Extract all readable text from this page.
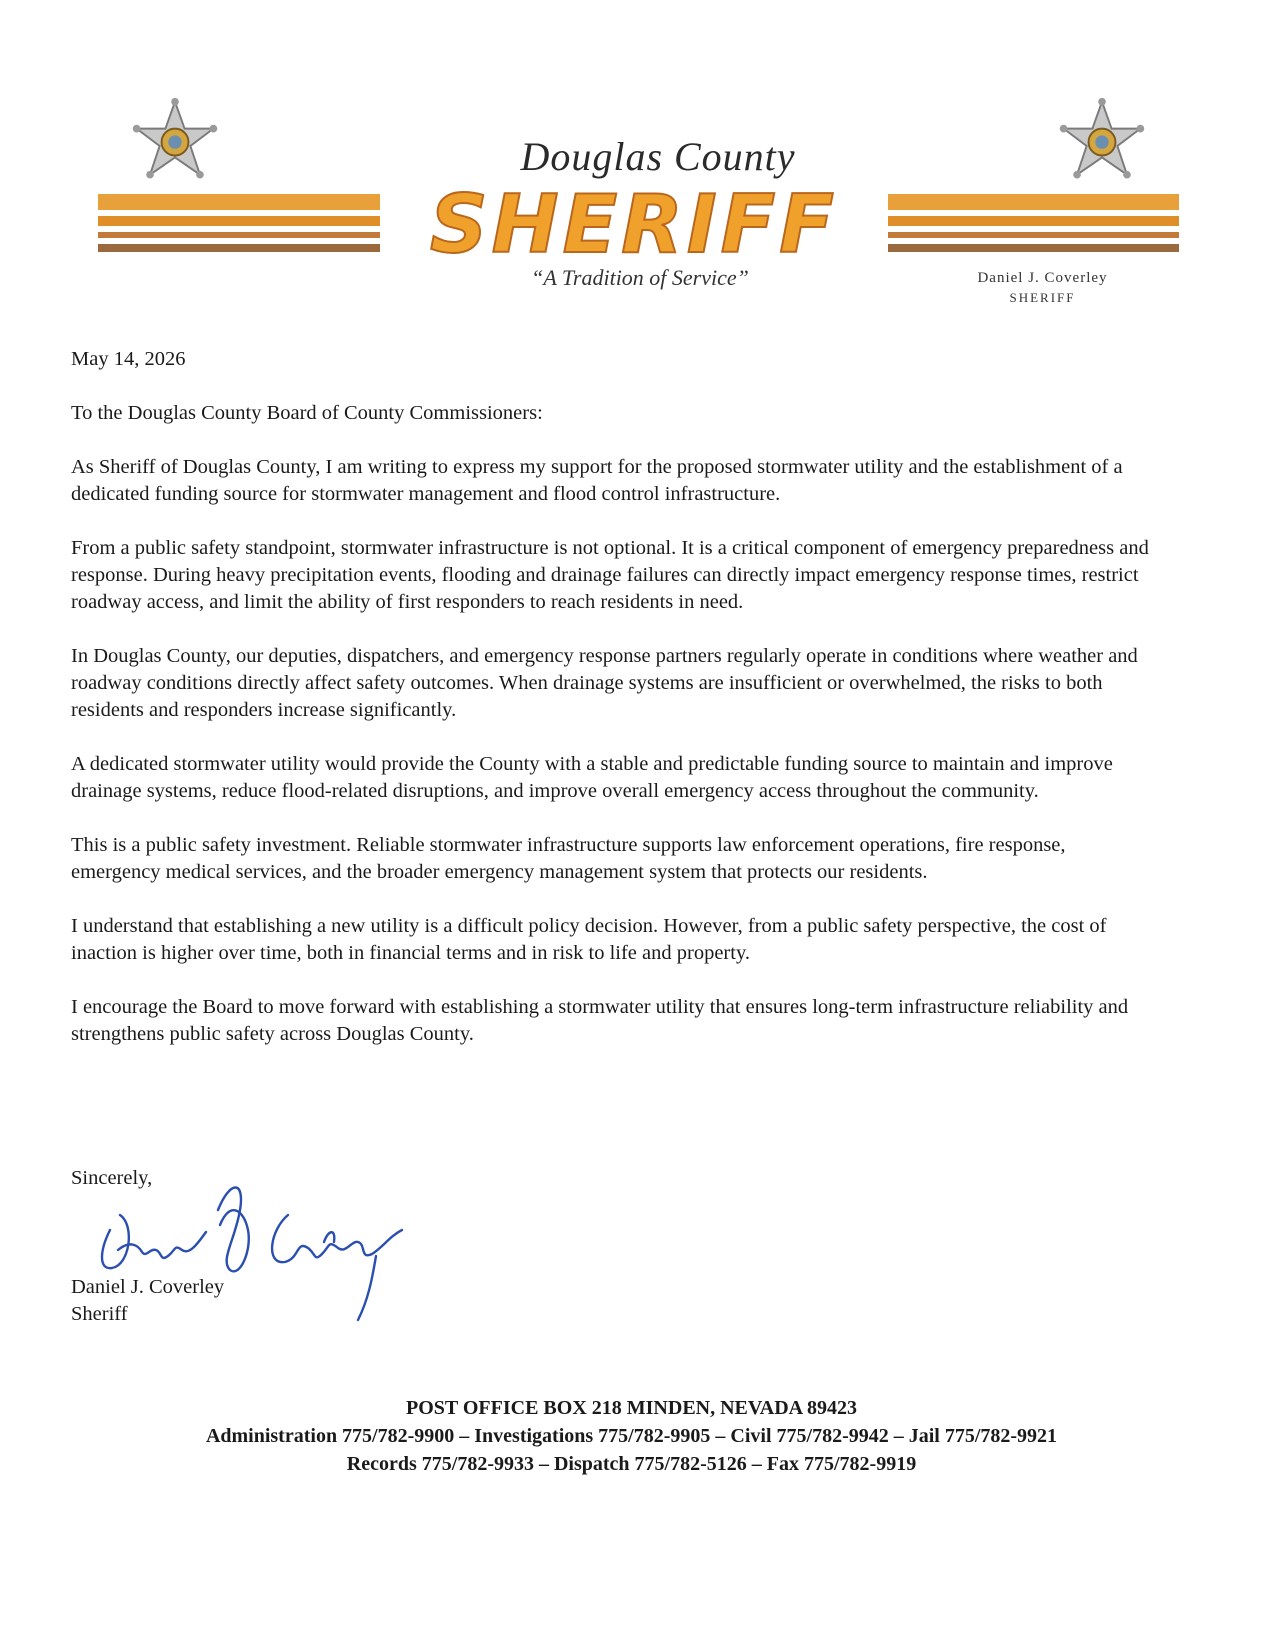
Douglas County
SHERIFF
“A Tradition of Service”	Daniel J. Coverley
SHERIFF

May 14, 2026

To the Douglas County Board of County Commissioners:

As Sheriff of Douglas County, I am writing to express my support for the proposed stormwater utility and the establishment of a dedicated funding source for stormwater management and flood control infrastructure.

From a public safety standpoint, stormwater infrastructure is not optional. It is a critical component of emergency preparedness and response. During heavy precipitation events, flooding and drainage failures can directly impact emergency response times, restrict roadway access, and limit the ability of first responders to reach residents in need.

In Douglas County, our deputies, dispatchers, and emergency response partners regularly operate in conditions where weather and roadway conditions directly affect safety outcomes. When drainage systems are insufficient or overwhelmed, the risks to both residents and responders increase significantly.

A dedicated stormwater utility would provide the County with a stable and predictable funding source to maintain and improve drainage systems, reduce flood-related disruptions, and improve overall emergency access throughout the community.

This is a public safety investment. Reliable stormwater infrastructure supports law enforcement operations, fire response, emergency medical services, and the broader emergency management system that protects our residents.

I understand that establishing a new utility is a difficult policy decision. However, from a public safety perspective, the cost of inaction is higher over time, both in financial terms and in risk to life and property.

I encourage the Board to move forward with establishing a stormwater utility that ensures long-term infrastructure reliability and strengthens public safety across Douglas County.

Sincerely,
Daniel J. Coverley
Sheriff
POST OFFICE BOX 218 MINDEN, NEVADA 89423
Administration 775/782-9900 – Investigations 775/782-9905 – Civil 775/782-9942 – Jail 775/782-9921
Records 775/782-9933 – Dispatch 775/782-5126 – Fax 775/782-9919
